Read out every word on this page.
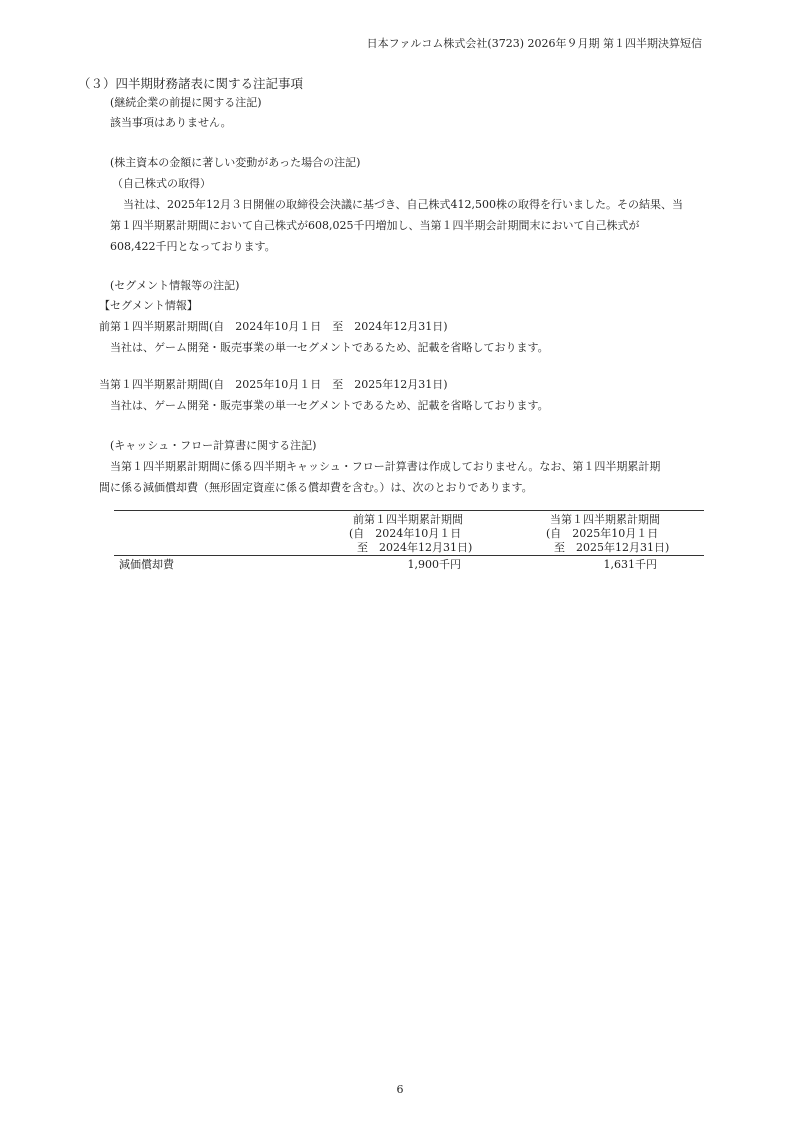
日本ファルコム株式会社(3723) 2026年９月期 第１四半期決算短信
（３）四半期財務諸表に関する注記事項
(継続企業の前提に関する注記)
該当事項はありません。
(株主資本の金額に著しい変動があった場合の注記)
（自己株式の取得）
当社は、2025年12月３日開催の取締役会決議に基づき、自己株式412,500株の取得を行いました。その結果、当
第１四半期累計期間において自己株式が608,025千円増加し、当第１四半期会計期間末において自己株式が
608,422千円となっております。
(セグメント情報等の注記)
【セグメント情報】
前第１四半期累計期間(自　2024年10月１日　至　2024年12月31日)
当社は、ゲーム開発・販売事業の単一セグメントであるため、記載を省略しております。
当第１四半期累計期間(自　2025年10月１日　至　2025年12月31日)
当社は、ゲーム開発・販売事業の単一セグメントであるため、記載を省略しております。
(キャッシュ・フロー計算書に関する注記)
当第１四半期累計期間に係る四半期キャッシュ・フロー計算書は作成しておりません。なお、第１四半期累計期
間に係る減価償却費（無形固定資産に係る償却費を含む。）は、次のとおりであります。
前第１四半期累計期間
(自　2024年10月１日
至　2024年12月31日)
当第１四半期累計期間
(自　2025年10月１日
至　2025年12月31日)
減価償却費	1,900千円	1,631千円
6
